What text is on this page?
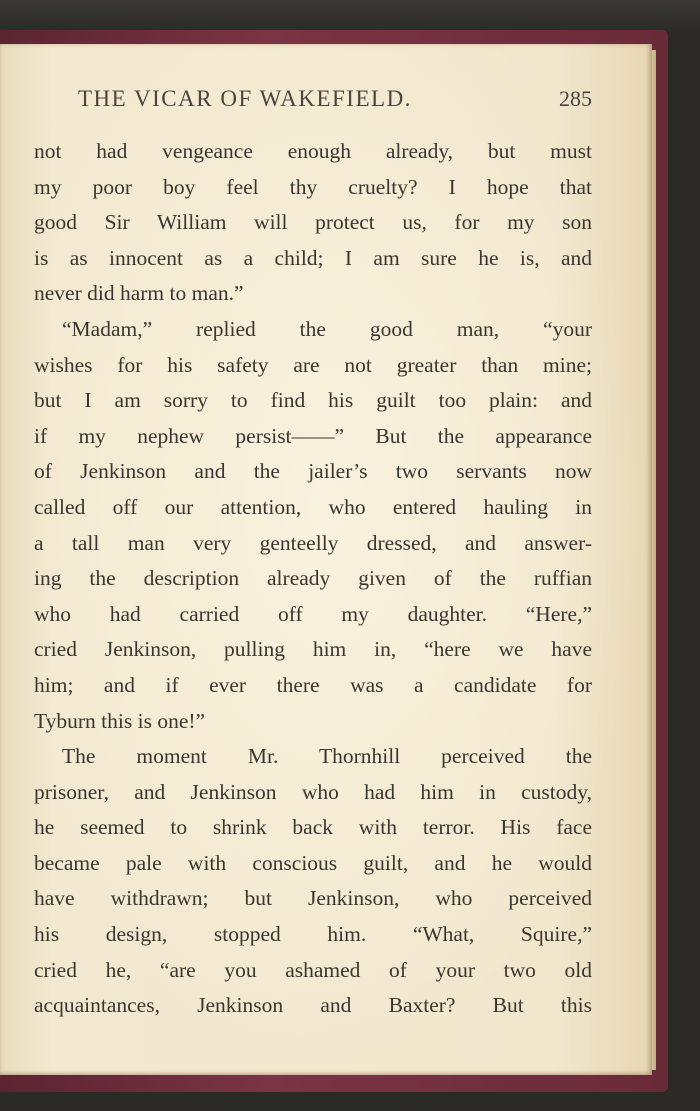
THE VICAR OF WAKEFIELD.	285
not had vengeance enough already, but must
my poor boy feel thy cruelty? I hope that
good Sir William will protect us, for my son
is as innocent as a child; I am sure he is, and
never did harm to man.”
“Madam,” replied the good man, “your
wishes for his safety are not greater than mine;
but I am sorry to find his guilt too plain: and
if my nephew persist——” But the appearance
of Jenkinson and the jailer’s two servants now
called off our attention, who entered hauling in
a tall man very genteelly dressed, and answer-
ing the description already given of the ruffian
who had carried off my daughter. “Here,”
cried Jenkinson, pulling him in, “here we have
him; and if ever there was a candidate for
Tyburn this is one!”
The moment Mr. Thornhill perceived the
prisoner, and Jenkinson who had him in custody,
he seemed to shrink back with terror. His face
became pale with conscious guilt, and he would
have withdrawn; but Jenkinson, who perceived
his design, stopped him. “What, Squire,”
cried he, “are you ashamed of your two old
acquaintances, Jenkinson and Baxter? But this
